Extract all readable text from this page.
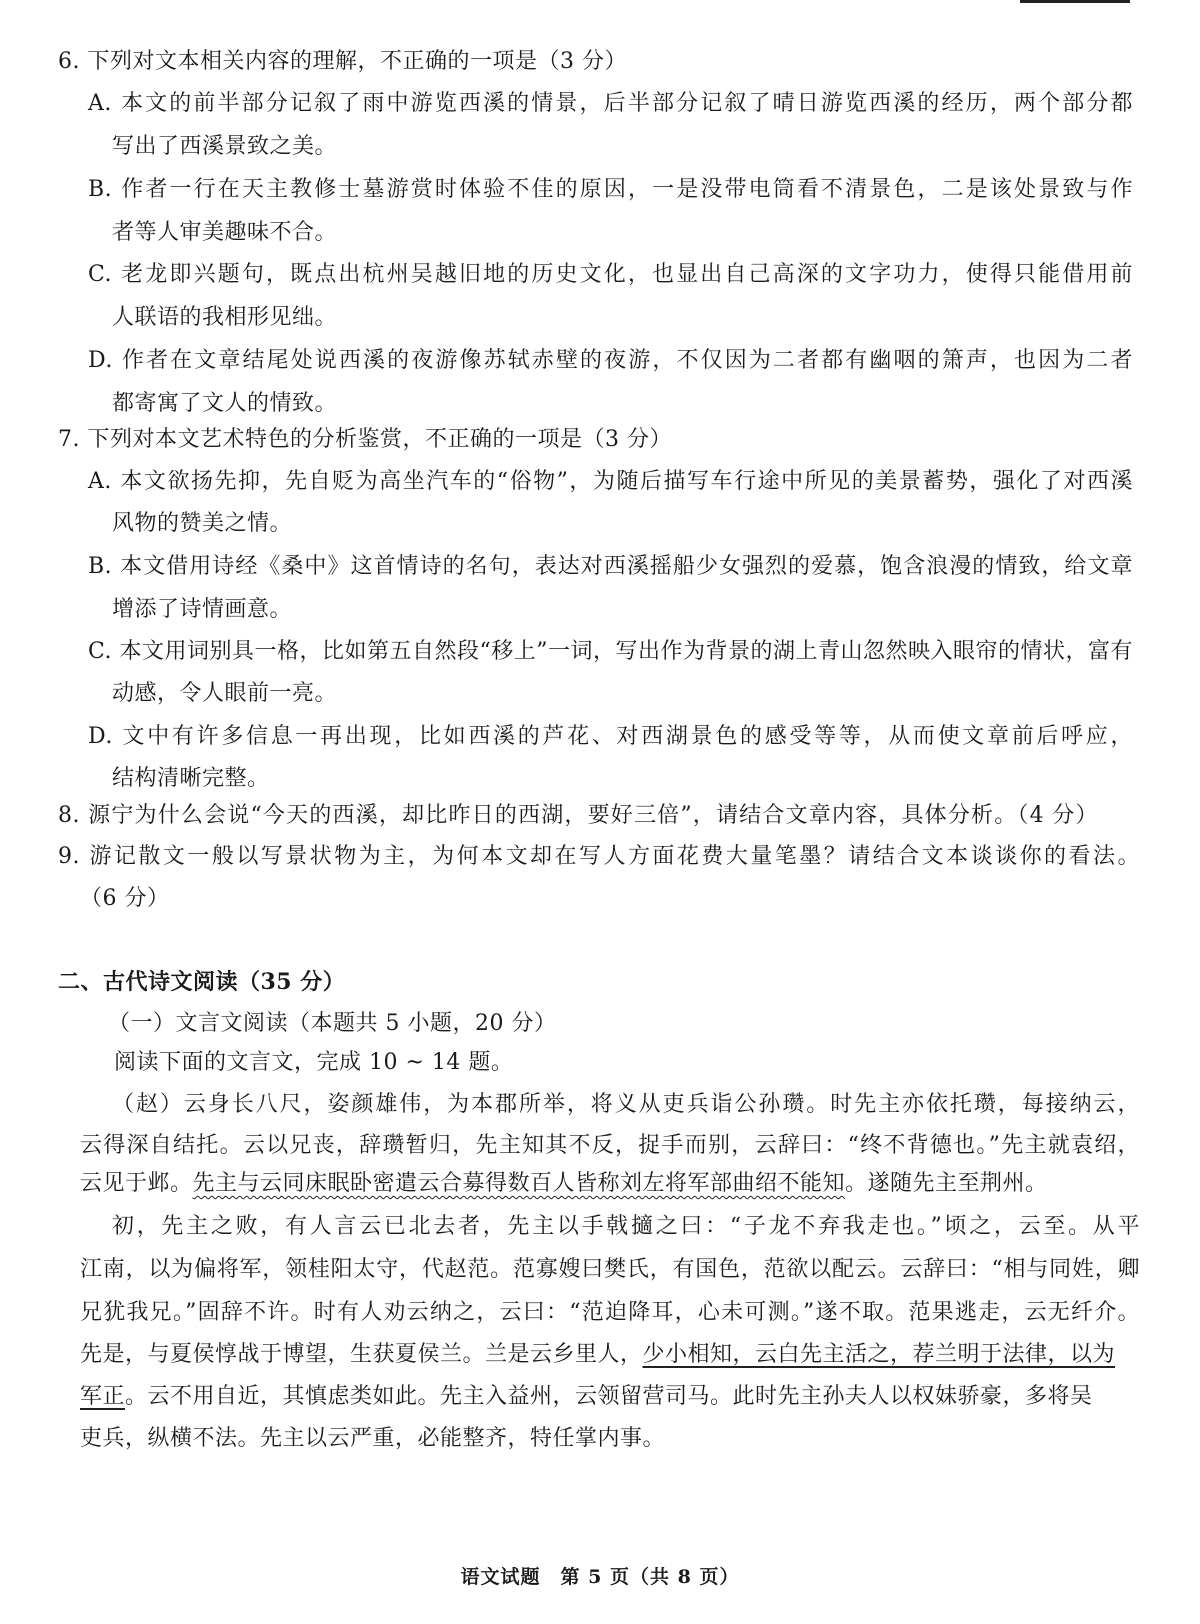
6. 下列对文本相关内容的理解，不正确的一项是（3 分）
A. 本文的前半部分记叙了雨中游览西溪的情景，后半部分记叙了晴日游览西溪的经历，两个部分都
写出了西溪景致之美。
B. 作者一行在天主教修士墓游赏时体验不佳的原因，一是没带电筒看不清景色，二是该处景致与作
者等人审美趣味不合。
C. 老龙即兴题句，既点出杭州吴越旧地的历史文化，也显出自己高深的文字功力，使得只能借用前
人联语的我相形见绌。
D. 作者在文章结尾处说西溪的夜游像苏轼赤壁的夜游，不仅因为二者都有幽咽的箫声，也因为二者
都寄寓了文人的情致。
7. 下列对本文艺术特色的分析鉴赏，不正确的一项是（3 分）
A. 本文欲扬先抑，先自贬为高坐汽车的“俗物”，为随后描写车行途中所见的美景蓄势，强化了对西溪
风物的赞美之情。
B. 本文借用诗经《桑中》这首情诗的名句，表达对西溪摇船少女强烈的爱慕，饱含浪漫的情致，给文章
增添了诗情画意。
C. 本文用词别具一格，比如第五自然段“移上”一词，写出作为背景的湖上青山忽然映入眼帘的情状，富有
动感，令人眼前一亮。
D. 文中有许多信息一再出现，比如西溪的芦花、对西湖景色的感受等等，从而使文章前后呼应，
结构清晰完整。
8. 源宁为什么会说“今天的西溪，却比昨日的西湖，要好三倍”，请结合文章内容，具体分析。（4 分）
9. 游记散文一般以写景状物为主，为何本文却在写人方面花费大量笔墨？请结合文本谈谈你的看法。
（6 分）
二、古代诗文阅读（35 分）
（一）文言文阅读（本题共 5 小题，20 分）
阅读下面的文言文，完成 10 ~ 14 题。
（赵）云身长八尺，姿颜雄伟，为本郡所举，将义从吏兵诣公孙瓒。时先主亦依托瓒，每接纳云，
云得深自结托。云以兄丧，辞瓒暂归，先主知其不反，捉手而别，云辞曰：“终不背德也。”先主就袁绍，
云见于邺。先主与云同床眠卧密遣云合募得数百人皆称刘左将军部曲绍不能知。遂随先主至荆州。
初，先主之败，有人言云已北去者，先主以手戟擿之曰：“子龙不弃我走也。”顷之，云至。从平
江南，以为偏将军，领桂阳太守，代赵范。范寡嫂曰樊氏，有国色，范欲以配云。云辞曰：“相与同姓，卿
兄犹我兄。”固辞不许。时有人劝云纳之，云曰：“范迫降耳，心未可测。”遂不取。范果逃走，云无纤介。
先是，与夏侯惇战于博望，生获夏侯兰。兰是云乡里人，少小相知，云白先主活之，荐兰明于法律，以为
军正。云不用自近，其慎虑类如此。先主入益州，云领留营司马。此时先主孙夫人以权妹骄豪，多将吴
吏兵，纵横不法。先主以云严重，必能整齐，特任掌内事。
语文试题　第 5 页（共 8 页）
